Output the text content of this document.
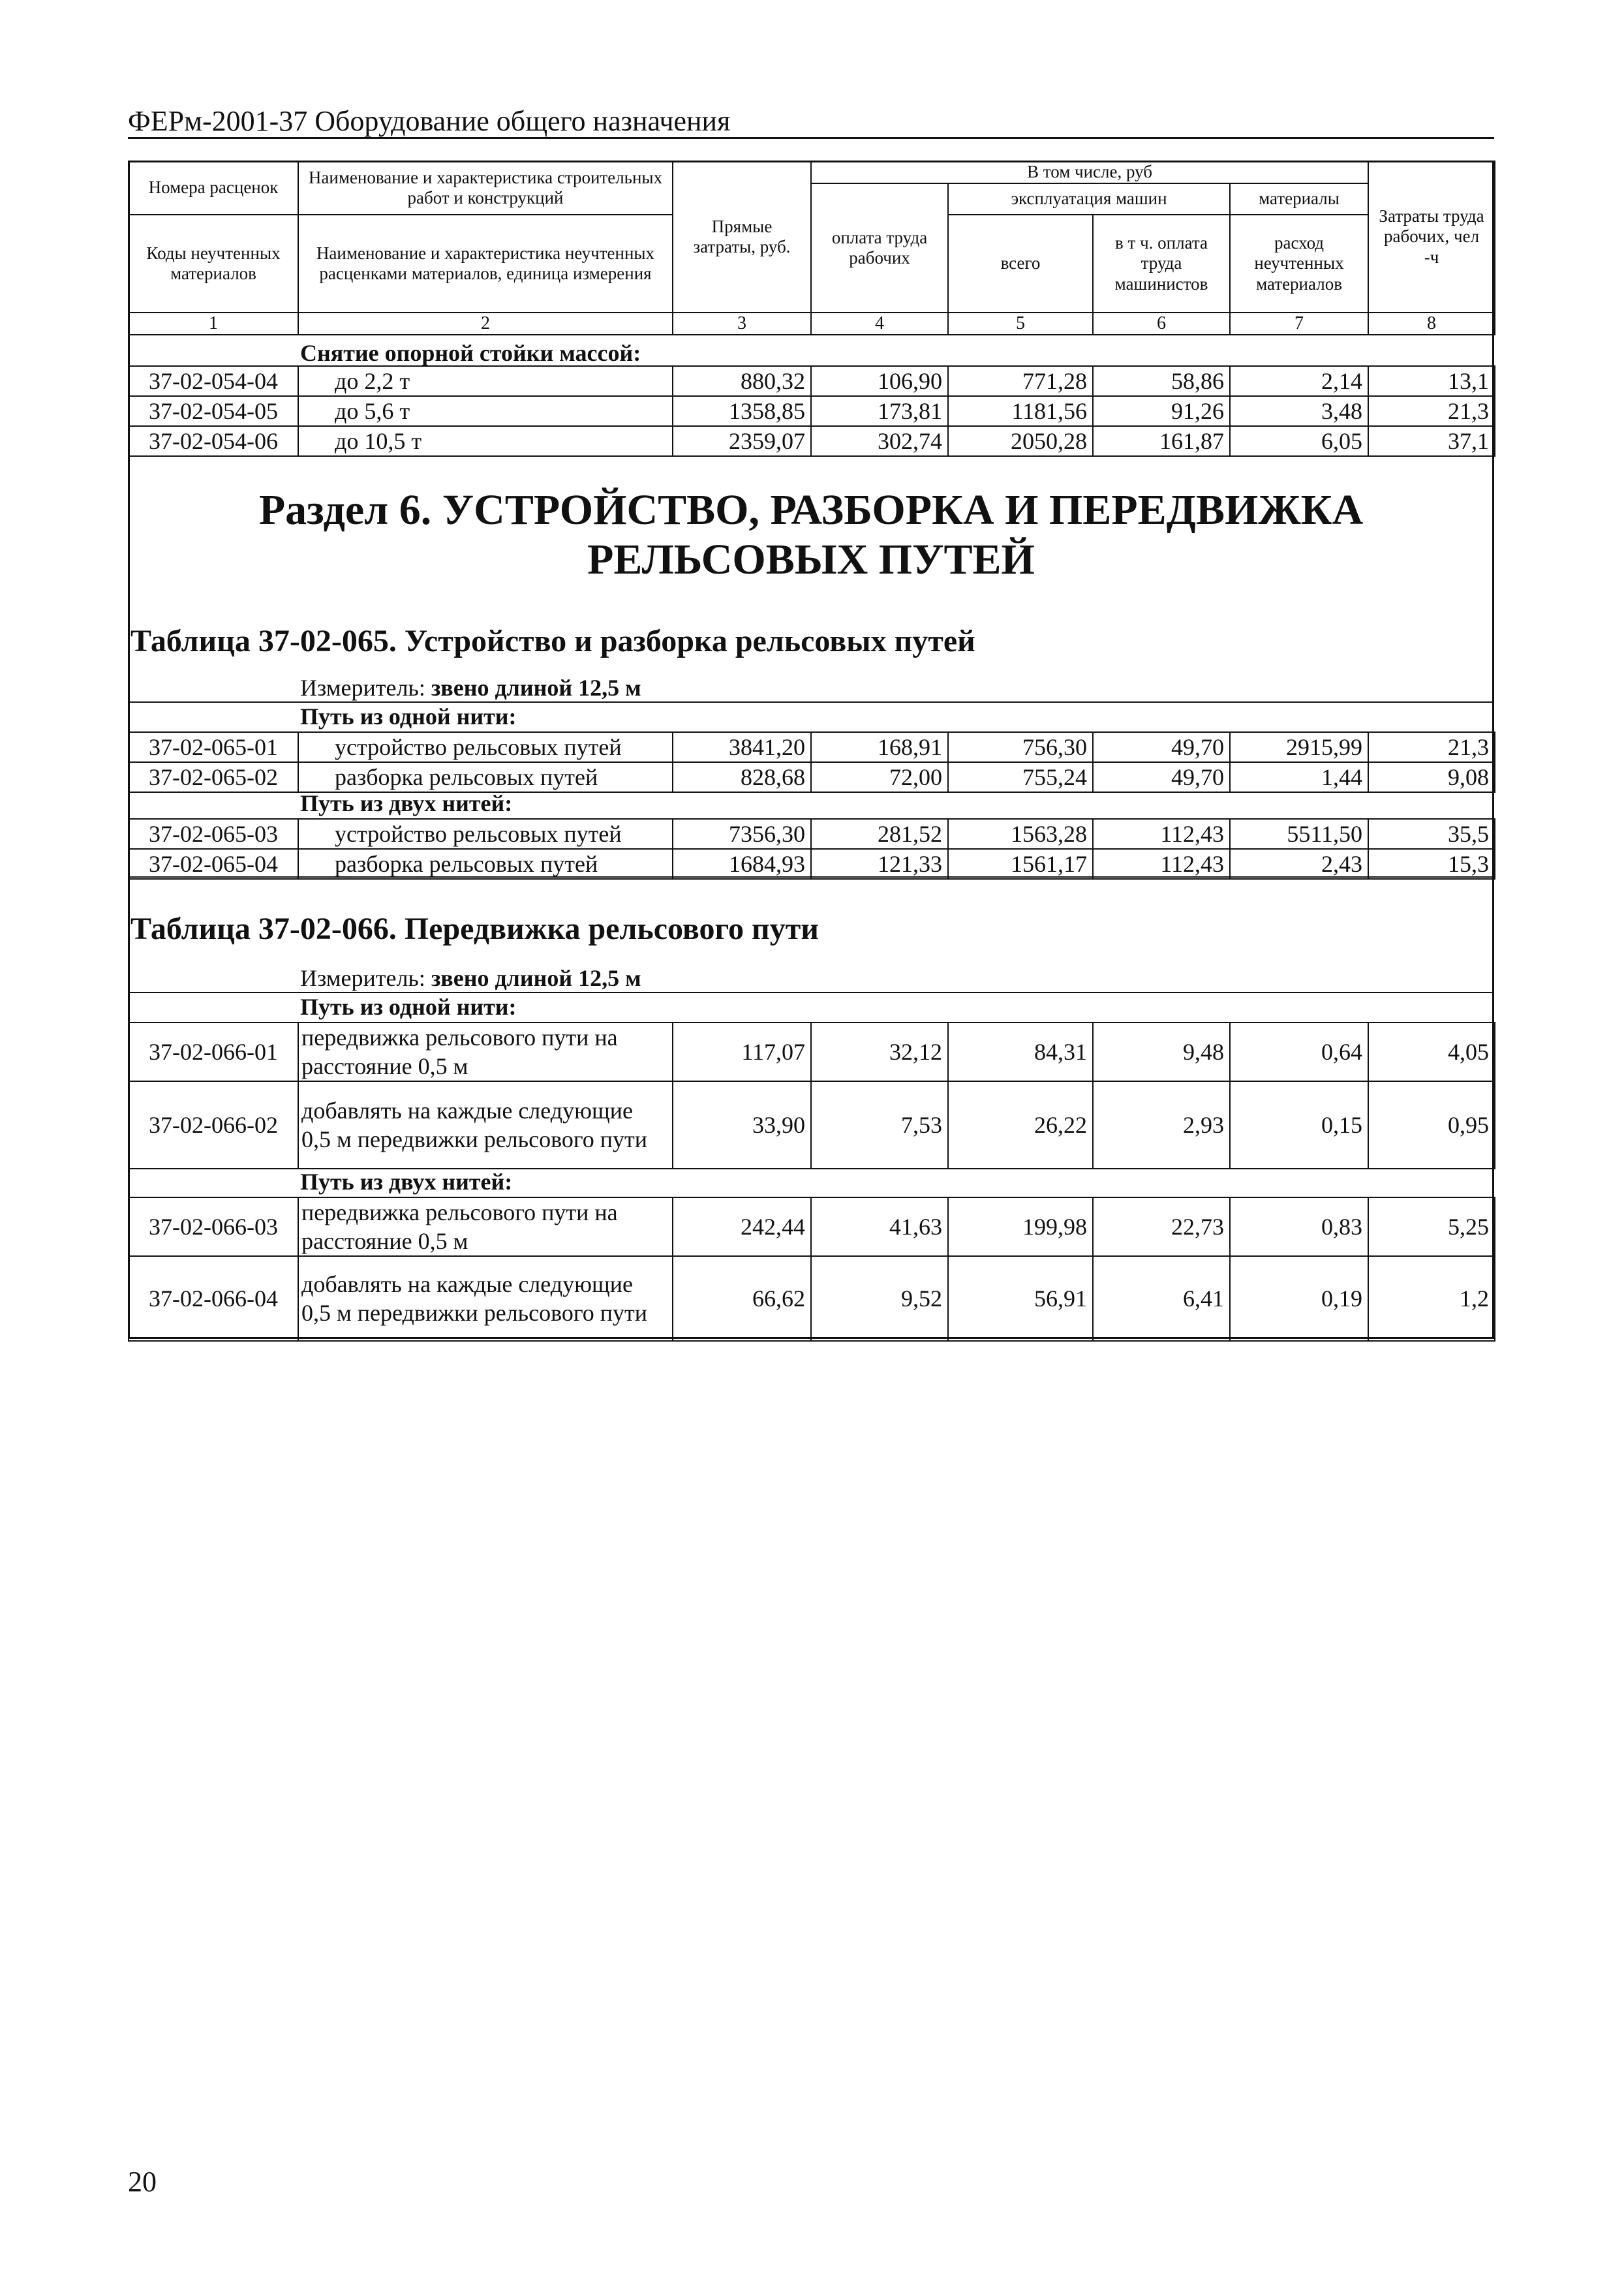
ФЕРм-2001-37 Оборудование общего назначения
Номера расценок	Наименование и характеристика строительных работ и конструкций	Прямые затраты, руб.	В том числе, руб				Затраты труда рабочих, чел -ч
			оплата труда рабочих	эксплуатация машин		материалы	
Коды неучтенных материалов	Наименование и характеристика неучтенных расценками материалов, единица измерения			всего	в т ч. оплата труда машинистов	расход неучтенных материалов	

1	2	3	4	5	6	7	8
Снятие опорной стойки массой:
37-02-054-04	до 2,2 т	880,32	106,90	771,28	58,86	2,14	13,1
37-02-054-05	до 5,6 т	1358,85	173,81	1181,56	91,26	3,48	21,3
37-02-054-06	до 10,5 т	2359,07	302,74	2050,28	161,87	6,05	37,1
Раздел 6. УСТРОЙСТВО, РАЗБОРКА И ПЕРЕДВИЖКА РЕЛЬСОВЫХ ПУТЕЙ
Таблица 37-02-065. Устройство и разборка рельсовых путей
Измеритель: звено длиной 12,5 м
Путь из одной нити:
37-02-065-01	устройство рельсовых путей	3841,20	168,91	756,30	49,70	2915,99	21,3
37-02-065-02	разборка рельсовых путей	828,68	72,00	755,24	49,70	1,44	9,08
Путь из двух нитей:
37-02-065-03	устройство рельсовых путей	7356,30	281,52	1563,28	112,43	5511,50	35,5
37-02-065-04	разборка рельсовых путей	1684,93	121,33	1561,17	112,43	2,43	15,3
Таблица 37-02-066. Передвижка рельсового пути
Измеритель: звено длиной 12,5 м
Путь из одной нити:
37-02-066-01	передвижка рельсового пути на расстояние 0,5 м	117,07	32,12	84,31	9,48	0,64	4,05
37-02-066-02	добавлять на каждые следующие 0,5 м передвижки рельсового пути	33,90	7,53	26,22	2,93	0,15	0,95
Путь из двух нитей:
37-02-066-03	передвижка рельсового пути на расстояние 0,5 м	242,44	41,63	199,98	22,73	0,83	5,25
37-02-066-04	добавлять на каждые следующие 0,5 м передвижки рельсового пути	66,62	9,52	56,91	6,41	0,19	1,2
20
